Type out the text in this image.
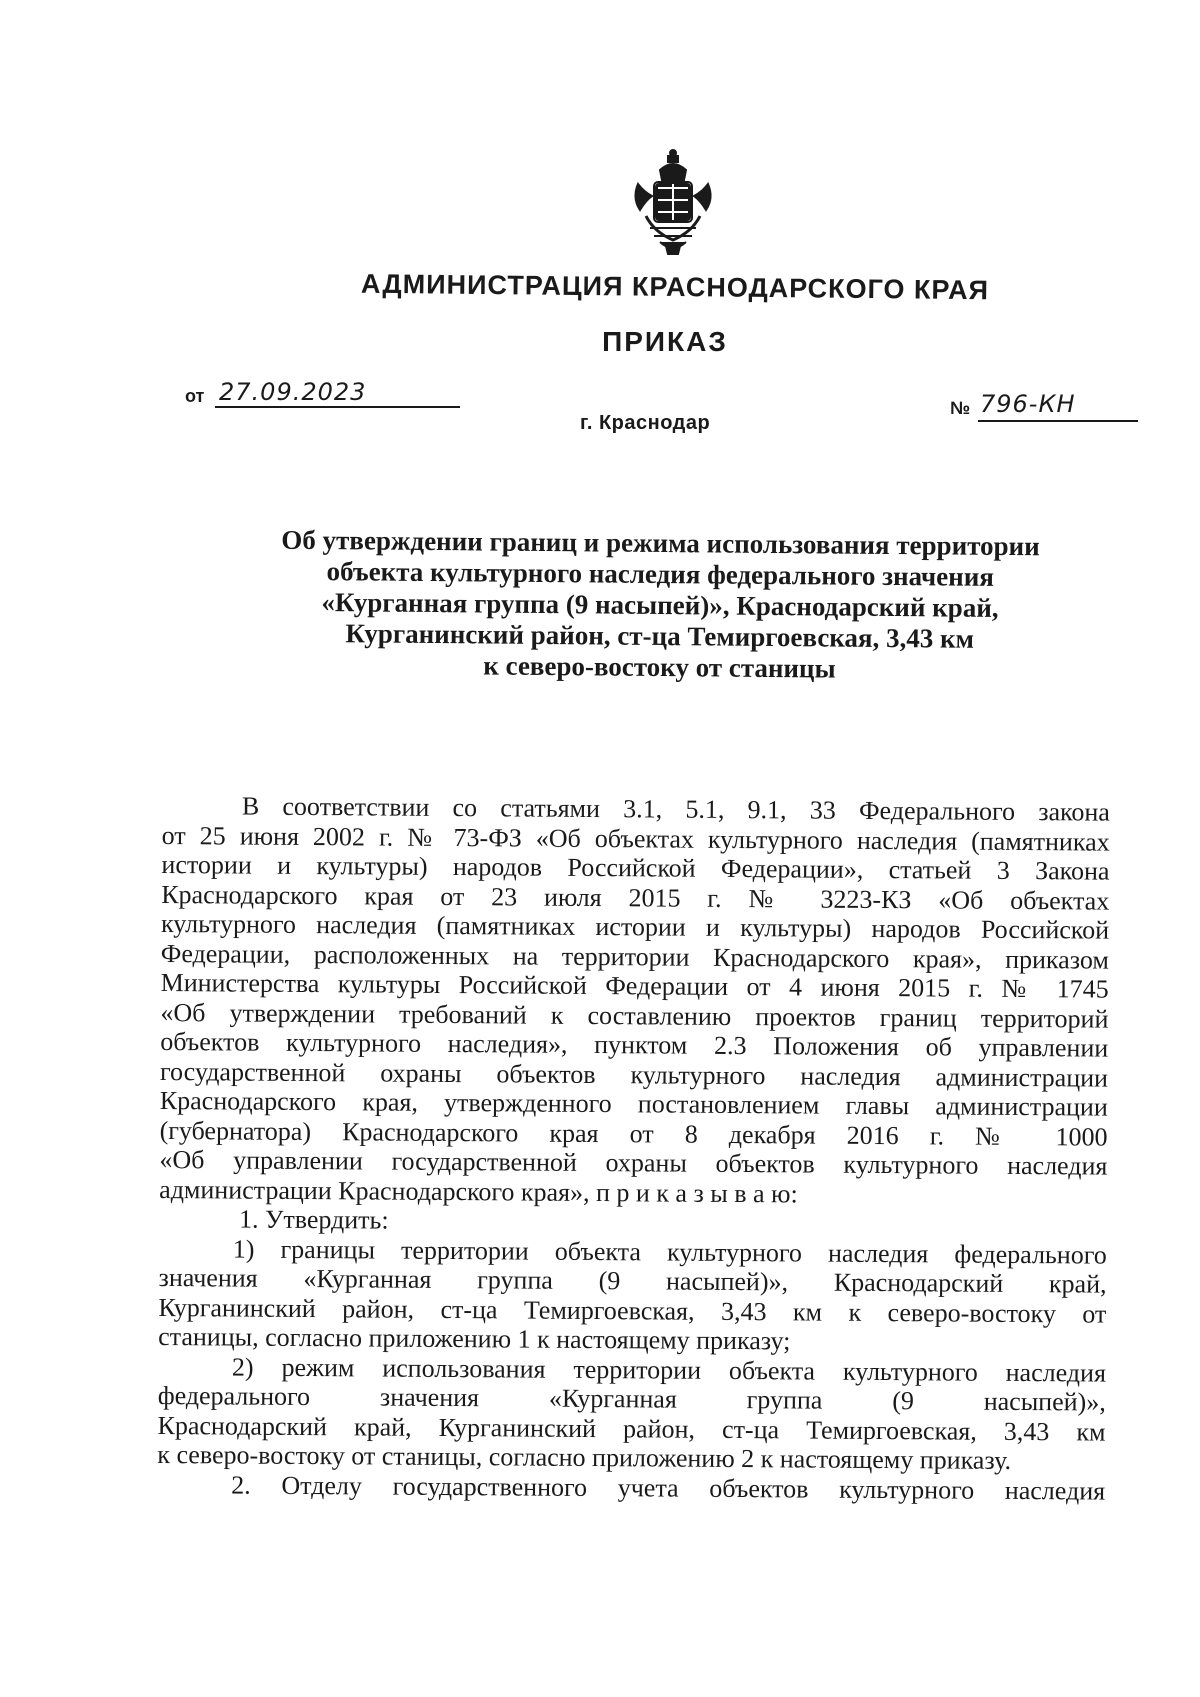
АДМИНИСТРАЦИЯ КРАСНОДАРСКОГО КРАЯ
ПРИКАЗ
от 27.09.2023
г. Краснодар
№ 796-КН
Об утверждении границ и режима использования территории
объекта культурного наследия федерального значения
«Курганная группа (9 насыпей)», Краснодарский край,
Курганинский район, ст-ца Темиргоевская, 3,43 км
к северо-востоку от станицы
В соответствии со статьями 3.1, 5.1, 9.1, 33 Федерального закона
от 25 июня 2002 г. № 73-ФЗ «Об объектах культурного наследия (памятниках
истории и культуры) народов Российской Федерации», статьей 3 Закона
Краснодарского края от 23 июля 2015 г. № 3223-КЗ «Об объектах
культурного наследия (памятниках истории и культуры) народов Российской
Федерации, расположенных на территории Краснодарского края», приказом
Министерства культуры Российской Федерации от 4 июня 2015 г. № 1745
«Об утверждении требований к составлению проектов границ территорий
объектов культурного наследия», пунктом 2.3 Положения об управлении
государственной охраны объектов культурного наследия администрации
Краснодарского края, утвержденного постановлением главы администрации
(губернатора) Краснодарского края от 8 декабря 2016 г. № 1000
«Об управлении государственной охраны объектов культурного наследия
администрации Краснодарского края», п р и к а з ы в а ю:
1. Утвердить:
1) границы территории объекта культурного наследия федерального
значения «Курганная группа (9 насыпей)», Краснодарский край,
Курганинский район, ст-ца Темиргоевская, 3,43 км к северо-востоку от
станицы, согласно приложению 1 к настоящему приказу;
2) режим использования территории объекта культурного наследия
федерального значения «Курганная группа (9 насыпей)»,
Краснодарский край, Курганинский район, ст-ца Темиргоевская, 3,43 км
к северо-востоку от станицы, согласно приложению 2 к настоящему приказу.
2. Отделу государственного учета объектов культурного наследия
